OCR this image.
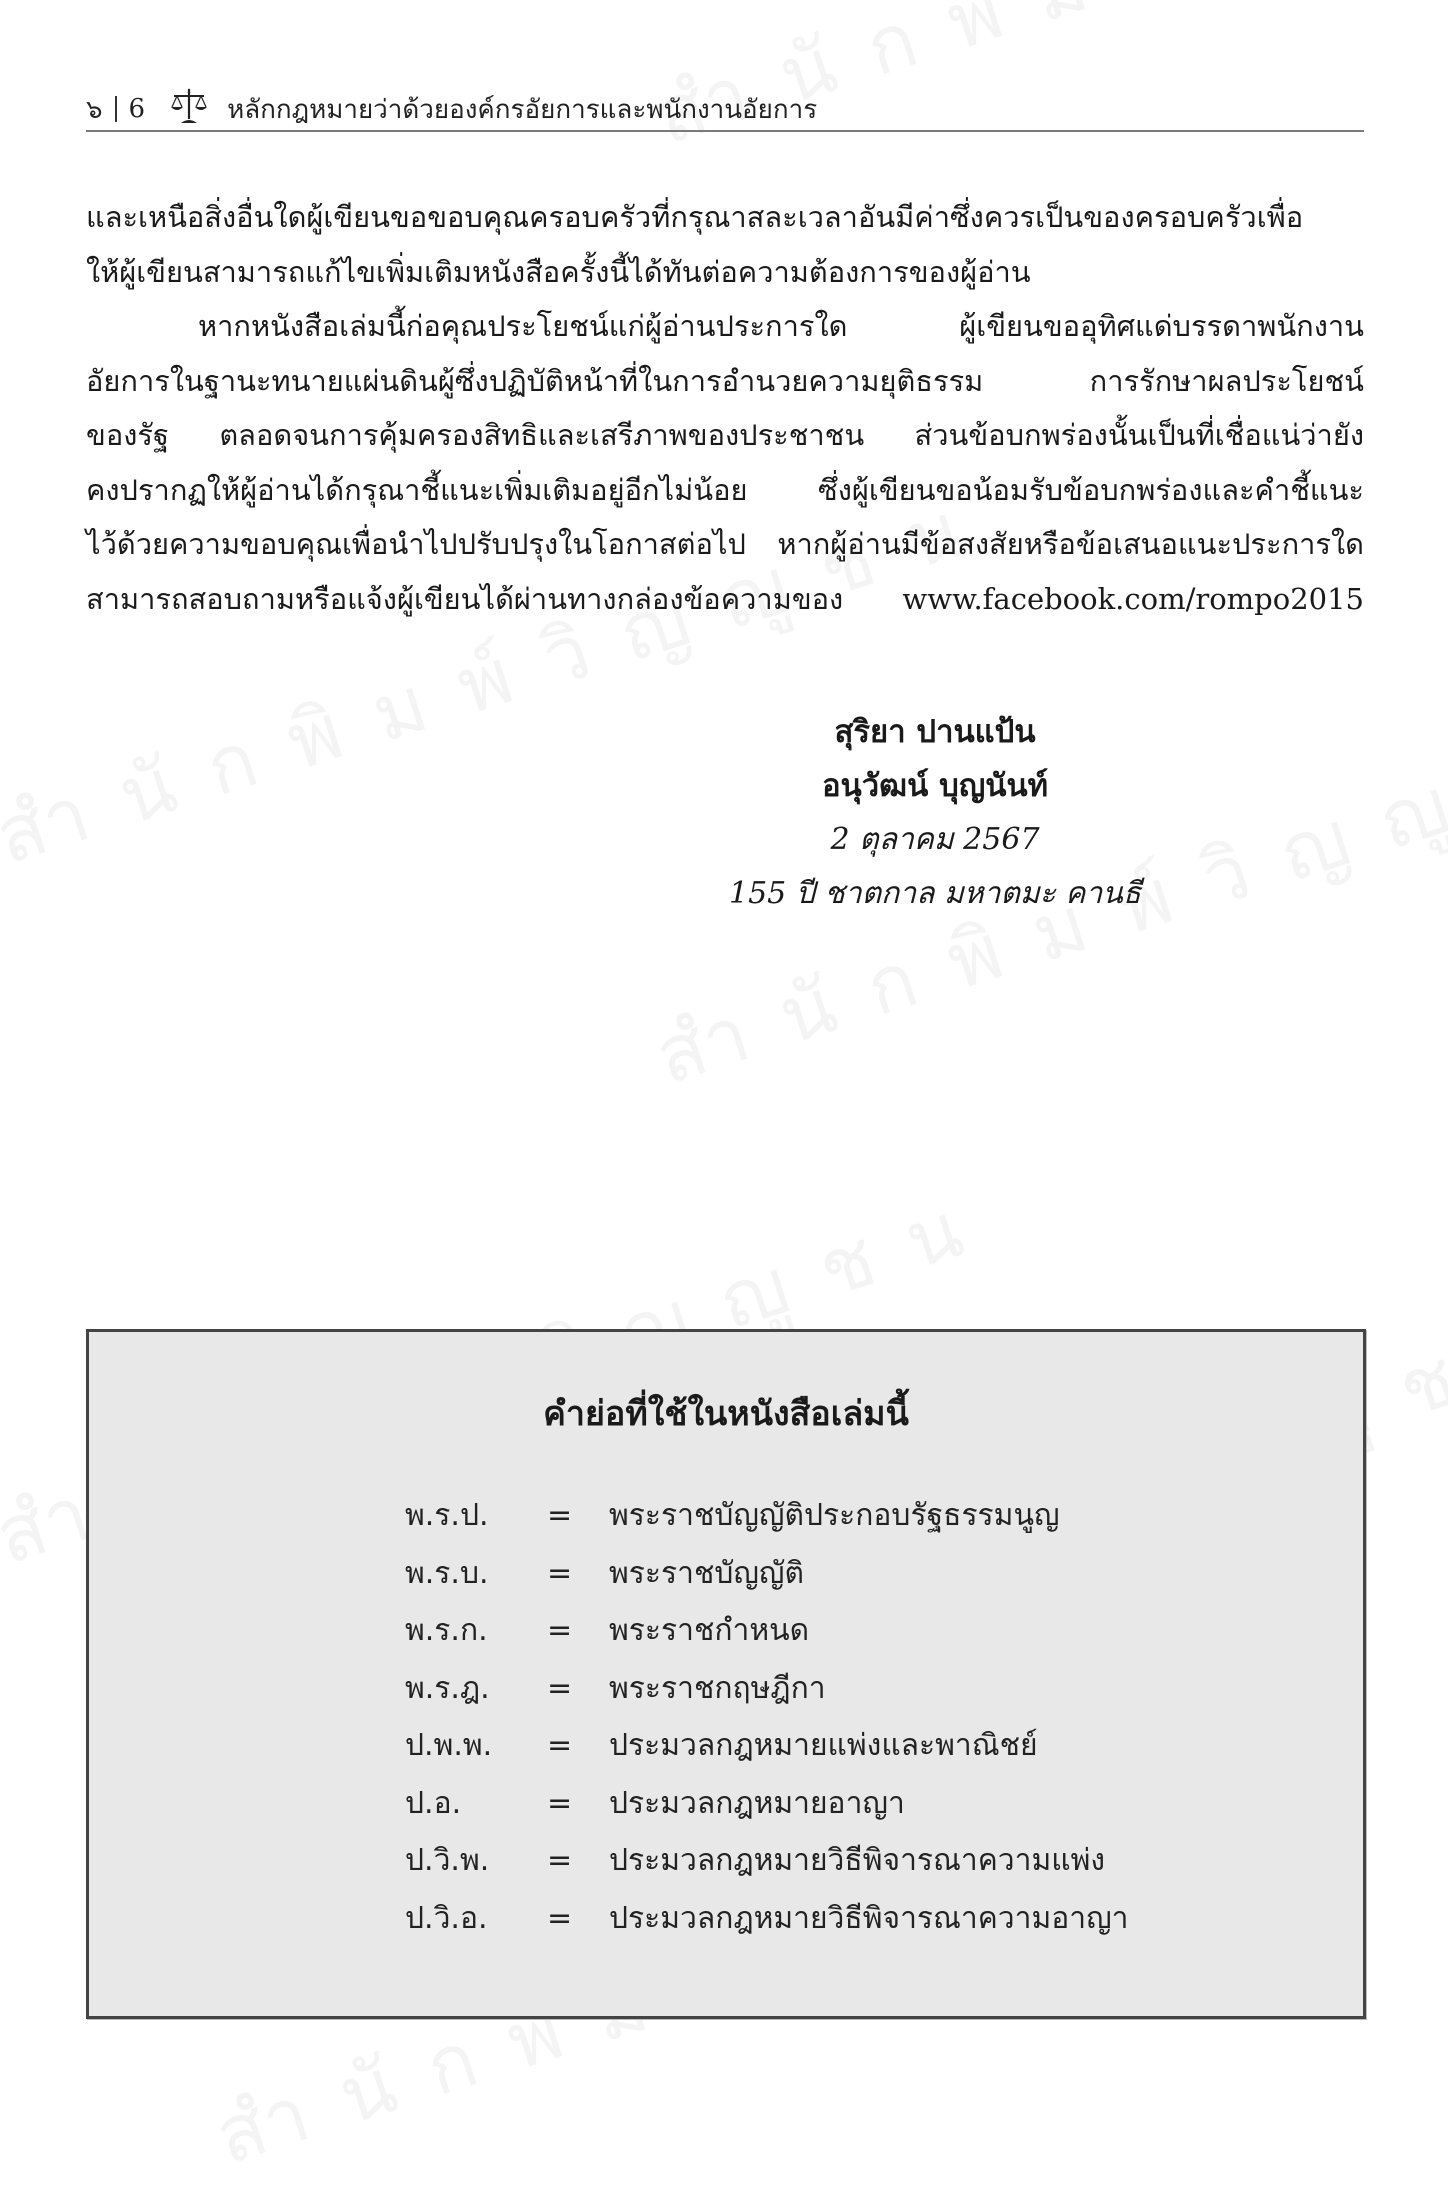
๖ 6	หลักกฎหมายว่าด้วยองค์กรอัยการและพนักงานอัยการ

และเหนือสิ่งอื่นใดผู้เขียนขอขอบคุณครอบครัวที่กรุณาสละเวลาอันมีค่าซึ่งควรเป็นของครอบครัวเพื่อ
ให้ผู้เขียนสามารถแก้ไขเพิ่มเติมหนังสือครั้งนี้ได้ทันต่อความต้องการของผู้อ่าน

หากหนังสือเล่มนี้ก่อคุณประโยชน์แก่ผู้อ่านประการใด ผู้เขียนขออุทิศแด่บรรดาพนักงาน
อัยการในฐานะทนายแผ่นดินผู้ซึ่งปฏิบัติหน้าที่ในการอำนวยความยุติธรรม การรักษาผลประโยชน์
ของรัฐ ตลอดจนการคุ้มครองสิทธิและเสรีภาพของประชาชน ส่วนข้อบกพร่องนั้นเป็นที่เชื่อแน่ว่ายัง
คงปรากฏให้ผู้อ่านได้กรุณาชี้แนะเพิ่มเติมอยู่อีกไม่น้อย ซึ่งผู้เขียนขอน้อมรับข้อบกพร่องและคำชี้แนะ
ไว้ด้วยความขอบคุณเพื่อนำไปปรับปรุงในโอกาสต่อไป หากผู้อ่านมีข้อสงสัยหรือข้อเสนอแนะประการใด
สามารถสอบถามหรือแจ้งผู้เขียนได้ผ่านทางกล่องข้อความของ www.facebook.com/rompo2015

สุริยา ปานแป้น
อนุวัฒน์ บุญนันท์
2 ตุลาคม 2567
155 ปี ชาตกาล มหาตมะ คานธี
คำย่อที่ใช้ในหนังสือเล่มนี้
พ.ร.ป.	=	พระราชบัญญัติประกอบรัฐธรรมนูญ
พ.ร.บ.	=	พระราชบัญญัติ
พ.ร.ก.	=	พระราชกำหนด
พ.ร.ฎ.	=	พระราชกฤษฎีกา
ป.พ.พ.	=	ประมวลกฎหมายแพ่งและพาณิชย์
ป.อ.	=	ประมวลกฎหมายอาญา
ป.วิ.พ.	=	ประมวลกฎหมายวิธีพิจารณาความแพ่ง
ป.วิ.อ.	=	ประมวลกฎหมายวิธีพิจารณาความอาญา
